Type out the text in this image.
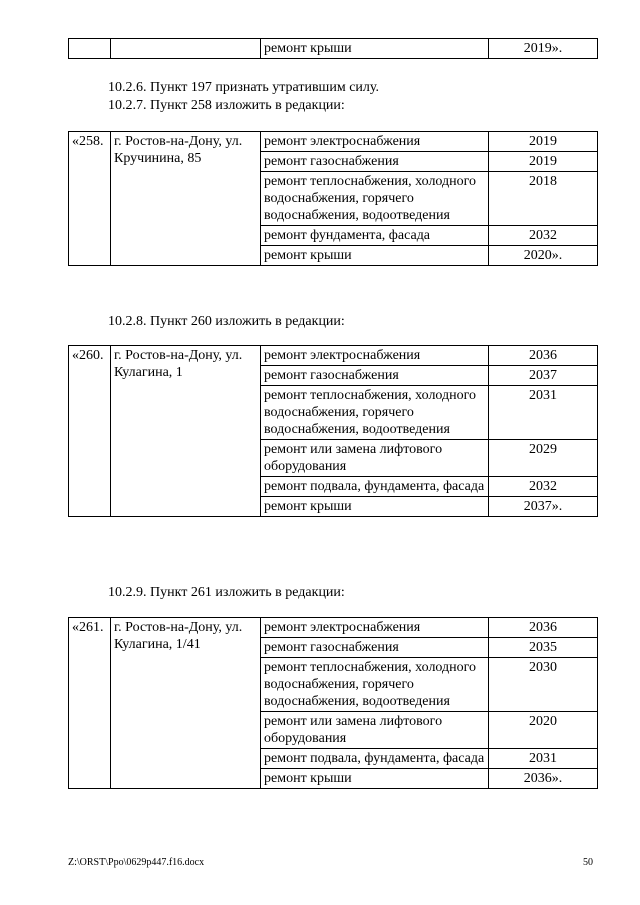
		ремонт крыши	2019».
10.2.6. Пункт 197 признать утратившим силу.
10.2.7. Пункт 258 изложить в редакции:
«258.	г. Ростов-на-Дону, ул. Кручинина, 85	ремонт электроснабжения	2019
		ремонт газоснабжения	2019
		ремонт теплоснабжения, холодного водоснабжения, горячего водоснабжения, водоотведения	2018
		ремонт фундамента, фасада	2032
		ремонт крыши	2020».
10.2.8. Пункт 260 изложить в редакции:
«260.	г. Ростов-на-Дону, ул. Кулагина, 1	ремонт электроснабжения	2036
		ремонт газоснабжения	2037
		ремонт теплоснабжения, холодного водоснабжения, горячего водоснабжения, водоотведения	2031
		ремонт или замена лифтового оборудования	2029
		ремонт подвала, фундамента, фасада	2032
		ремонт крыши	2037».
10.2.9. Пункт 261 изложить в редакции:
«261.	г. Ростов-на-Дону, ул. Кулагина, 1/41	ремонт электроснабжения	2036
		ремонт газоснабжения	2035
		ремонт теплоснабжения, холодного водоснабжения, горячего водоснабжения, водоотведения	2030
		ремонт или замена лифтового оборудования	2020
		ремонт подвала, фундамента, фасада	2031
		ремонт крыши	2036».
Z:\ORST\Ppo\0629p447.f16.docx	50
